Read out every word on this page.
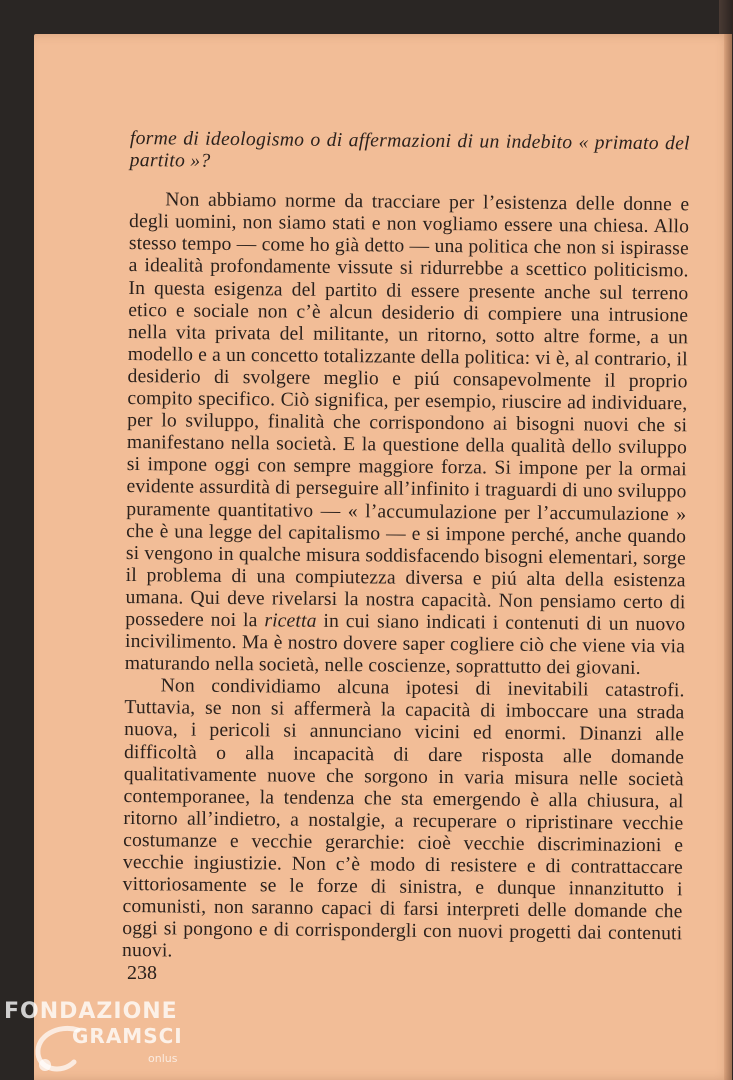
forme di ideologismo o di affermazioni di un indebito « primato del partito »?

Non abbiamo norme da tracciare per l’esistenza delle donne e degli uomini, non siamo stati e non vogliamo essere una chiesa. Allo stesso tempo — come ho già detto — una politica che non si ispirasse a idealità profondamente vissute si ridurrebbe a scettico politicismo. In questa esigenza del partito di essere presente anche sul terreno etico e sociale non c’è alcun desiderio di compiere una intrusione nella vita privata del militante, un ritorno, sotto altre forme, a un modello e a un concetto totalizzante della politica: vi è, al contrario, il desiderio di svolgere meglio e piú consapevolmente il proprio compito specifico. Ciò significa, per esempio, riuscire ad individuare, per lo sviluppo, finalità che corrispondono ai bisogni nuovi che si manifestano nella società. E la questione della qualità dello sviluppo si impone oggi con sempre maggiore forza. Si impone per la ormai evidente assurdità di perseguire all’infinito i traguardi di uno sviluppo puramente quantitativo — « l’accumulazione per l’accumulazione » che è una legge del capitalismo — e si impone perché, anche quando si vengono in qualche misura soddisfacendo bisogni elementari, sorge il problema di una compiutezza diversa e piú alta della esistenza umana. Qui deve rivelarsi la nostra capacità. Non pensiamo certo di possedere noi la ricetta in cui siano indicati i contenuti di un nuovo incivilimento. Ma è nostro dovere saper cogliere ciò che viene via via maturando nella società, nelle coscienze, soprattutto dei giovani.

Non condividiamo alcuna ipotesi di inevitabili catastrofi. Tuttavia, se non si affermerà la capacità di imboccare una strada nuova, i pericoli si annunciano vicini ed enormi. Dinanzi alle difficoltà o alla incapacità di dare risposta alle domande qualitativamente nuove che sorgono in varia misura nelle società contemporanee, la tendenza che sta emergendo è alla chiusura, al ritorno all’indietro, a nostalgie, a recuperare o ripristinare vecchie costumanze e vecchie gerarchie: cioè vecchie discriminazioni e vecchie ingiustizie. Non c’è modo di resistere e di contrattaccare vittoriosamente se le forze di sinistra, e dunque innanzitutto i comunisti, non saranno capaci di farsi interpreti delle domande che oggi si pongono e di corrispondergli con nuovi progetti dai contenuti nuovi.

238
FONDAZIONE
GRAMSCI
onlus
